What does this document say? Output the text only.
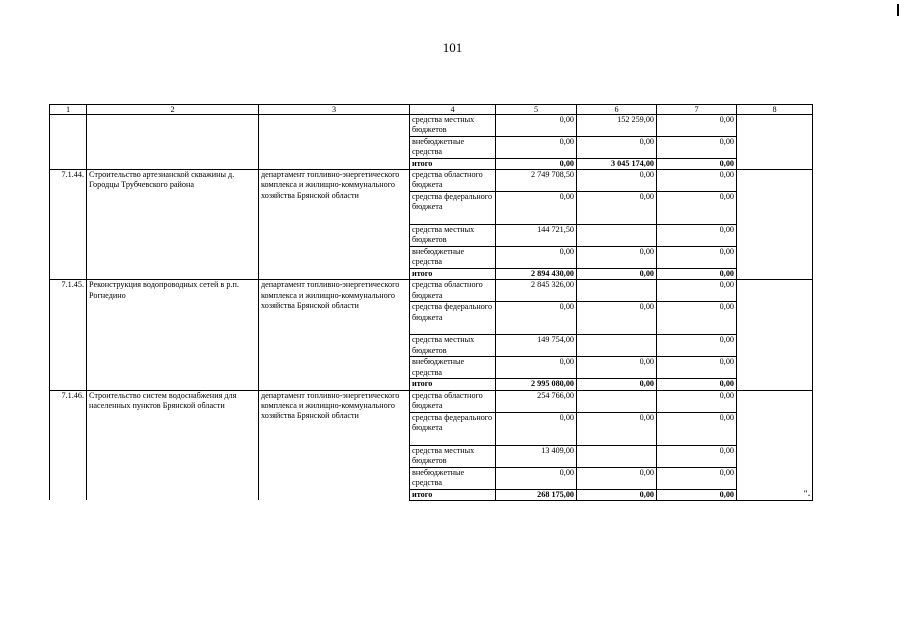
101
1	2	3	4	5	6	7	8
			средства местных бюджетов	0,00	152 259,00	0,00	
			внебюджетные средства	0,00	0,00	0,00	
			итого	0,00	3 045 174,00	0,00	
7.1.44.	Строительство артезианской скважины д. Городцы Трубчевского района	департамент топливно-энергетического комплекса и жилищно-коммунального хозяйства Брянской области	средства областного бюджета	2 749 708,50	0,00	0,00	
			средства федерального бюджета	0,00	0,00	0,00	
			средства местных бюджетов	144 721,50		0,00	
			внебюджетные средства	0,00	0,00	0,00	
			итого	2 894 430,00	0,00	0,00	
7.1.45.	Реконструкция водопроводных сетей в р.п. Рогнедино	департамент топливно-энергетического комплекса и жилищно-коммунального хозяйства Брянской области	средства областного бюджета	2 845 326,00		0,00	
			средства федерального бюджета	0,00	0,00	0,00	
			средства местных бюджетов	149 754,00		0,00	
			внебюджетные средства	0,00	0,00	0,00	
			итого	2 995 080,00	0,00	0,00	
7.1.46.	Строительство систем водоснабжения для населенных пунктов Брянской области	департамент топливно-энергетического комплекса и жилищно-коммунального хозяйства Брянской области	средства областного бюджета	254 766,00		0,00	
			средства федерального бюджета	0,00	0,00	0,00	
			средства местных бюджетов	13 409,00		0,00	
			внебюджетные средства	0,00	0,00	0,00	
			итого	268 175,00	0,00	0,00	".
